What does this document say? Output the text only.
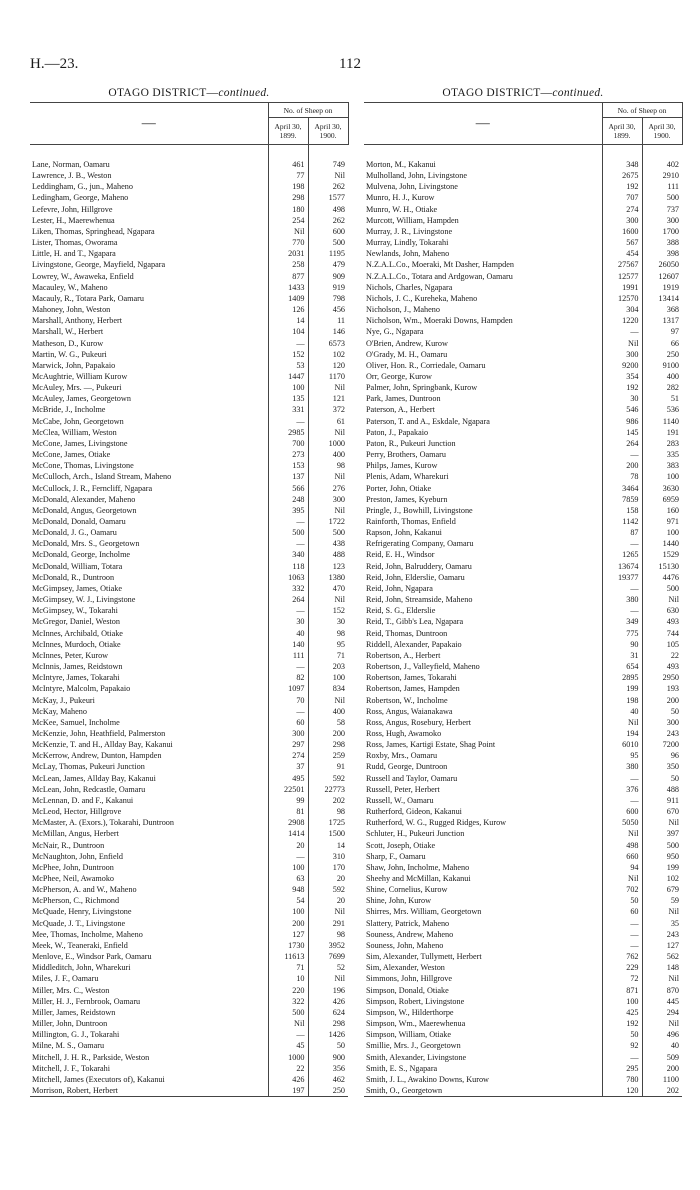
H.—23.	112
OTAGO DISTRICT—continued.
—	No. of Sheep on	
	April 30,
1899.	April 30,
1900.

Lane, Norman, Oamaru	461	749
Lawrence, J. B., Weston	77	Nil
Leddingham, G., jun., Maheno	198	262
Ledingham, George, Maheno	298	1577
Lefevre, John, Hillgrove	180	498
Lester, H., Maerewhenua	254	262
Liken, Thomas, Springhead, Ngapara	Nil	600
Lister, Thomas, Oworama	770	500
Little, H. and T., Ngapara	2031	1195
Livingstone, George, Mayfield, Ngapara	258	479
Lowrey, W., Awaweka, Enfield	877	909
Macauley, W., Maheno	1433	919
Macauly, R., Totara Park, Oamaru	1409	798
Mahoney, John, Weston	126	456
Marshall, Anthony, Herbert	14	11
Marshall, W., Herbert	104	146
Matheson, D., Kurow	—	6573
Martin, W. G., Pukeuri	152	102
Marwick, John, Papakaio	53	120
McAughtrie, William Kurow	1447	1170
McAuley, Mrs. —, Pukeuri	100	Nil
McAuley, James, Georgetown	135	121
McBride, J., Incholme	331	372
McCabe, John, Georgetown	—	61
McClea, William, Weston	2985	Nil
McCone, James, Livingstone	700	1000
McCone, James, Otiake	273	400
McCone, Thomas, Livingstone	153	98
McCulloch, Arch., Island Stream, Maheno	137	Nil
McCullock, J. R., Ferncliff, Ngapara	566	276
McDonald, Alexander, Maheno	248	300
McDonald, Angus, Georgetown	395	Nil
McDonald, Donald, Oamaru	—	1722
McDonald, J. G., Oamaru	500	500
McDonald, Mrs. S., Georgetown	—	438
McDonald, George, Incholme	340	488
McDonald, William, Totara	118	123
McDonald, R., Duntroon	1063	1380
McGimpsey, James, Otiake	332	470
McGimpsey, W. J., Livingstone	264	Nil
McGimpsey, W., Tokarahi	—	152
McGregor, Daniel, Weston	30	30
McInnes, Archibald, Otiake	40	98
McInnes, Murdoch, Otiake	140	95
McInnes, Peter, Kurow	111	71
McInnis, James, Reidstown	—	203
McIntyre, James, Tokarahi	82	100
McIntyre, Malcolm, Papakaio	1097	834
McKay, J., Pukeuri	70	Nil
McKay, Maheno	—	400
McKee, Samuel, Incholme	60	58
McKenzie, John, Heathfield, Palmerston	300	200
McKenzie, T. and H., Allday Bay, Kakanui	297	298
McKerrow, Andrew, Dunton, Hampden	274	259
McLay, Thomas, Pukeuri Junction	37	91
McLean, James, Allday Bay, Kakanui	495	592
McLean, John, Redcastle, Oamaru	22501	22773
McLennan, D. and F., Kakanui	99	202
McLeod, Hector, Hillgrove	81	98
McMaster, A. (Exors.), Tokarahi, Duntroon	2908	1725
McMillan, Angus, Herbert	1414	1500
McNair, R., Duntroon	20	14
McNaughton, John, Enfield	—	310
McPhee, John, Duntroon	100	170
McPhee, Neil, Awamoko	63	20
McPherson, A. and W., Maheno	948	592
McPherson, C., Richmond	54	20
McQuade, Henry, Livingstone	100	Nil
McQuade, J. T., Livingstone	200	291
Mee, Thomas, Incholme, Maheno	127	98
Meek, W., Teaneraki, Enfield	1730	3952
Menlove, E., Windsor Park, Oamaru	11613	7699
Middleditch, John, Wharekuri	71	52
Miles, J. F., Oamaru	10	Nil
Miller, Mrs. C., Weston	220	196
Miller, H. J., Fernbrook, Oamaru	322	426
Miller, James, Reidstown	500	624
Miller, John, Duntroon	Nil	298
Millington, G. J., Tokarahi	—	1426
Milne, M. S., Oamaru	45	50
Mitchell, J. H. R., Parkside, Weston	1000	900
Mitchell, J. F., Tokarahi	22	356
Mitchell, James (Executors of), Kakanui	426	462
Morrison, Robert, Herbert	197	250
OTAGO DISTRICT—continued.
—	No. of Sheep on	
	April 30,
1899.	April 30,
1900.

Morton, M., Kakanui	348	402
Mulholland, John, Livingstone	2675	2910
Mulvena, John, Livingstone	192	111
Munro, H. J., Kurow	707	500
Munro, W. H., Otiake	274	737
Murcott, William, Hampden	300	300
Murray, J. R., Livingstone	1600	1700
Murray, Lindly, Tokarahi	567	388
Newlands, John, Maheno	454	398
N.Z.A.L.Co., Moeraki, Mt Dasher, Hampden	27567	26050
N.Z.A.L.Co., Totara and Ardgowan, Oamaru	12577	12607
Nichols, Charles, Ngapara	1991	1919
Nichols, J. C., Kureheka, Maheno	12570	13414
Nicholson, J., Maheno	304	368
Nicholson, Wm., Moeraki Downs, Hampden	1220	1317
Nye, G., Ngapara	—	97
O'Brien, Andrew, Kurow	Nil	66
O'Grady, M. H., Oamaru	300	250
Oliver, Hon. R., Corriedale, Oamaru	9200	9100
Orr, George, Kurow	354	400
Palmer, John, Springbank, Kurow	192	282
Park, James, Duntroon	30	51
Paterson, A., Herbert	546	536
Paterson, T. and A., Eskdale, Ngapara	986	1140
Paton, J., Papakaio	145	191
Paton, R., Pukeuri Junction	264	283
Perry, Brothers, Oamaru	—	335
Philps, James, Kurow	200	383
Plenis, Adam, Wharekuri	78	100
Porter, John, Otiake	3464	3630
Preston, James, Kyeburn	7859	6959
Pringle, J., Bowhill, Livingstone	158	160
Rainforth, Thomas, Enfield	1142	971
Rapson, John, Kakanui	87	100
Refrigerating Company, Oamaru	—	1440
Reid, E. H., Windsor	1265	1529
Reid, John, Balruddery, Oamaru	13674	15130
Reid, John, Elderslie, Oamaru	19377	4476
Reid, John, Ngapara	—	500
Reid, John, Streamside, Maheno	380	Nil
Reid, S. G., Elderslie	—	630
Reid, T., Gibb's Lea, Ngapara	349	493
Reid, Thomas, Duntroon	775	744
Riddell, Alexander, Papakaio	90	105
Robertson, A., Herbert	31	22
Robertson, J., Valleyfield, Maheno	654	493
Robertson, James, Tokarahi	2895	2950
Robertson, James, Hampden	199	193
Robertson, W., Incholme	198	200
Ross, Angus, Waianakawa	40	50
Ross, Angus, Rosebury, Herbert	Nil	300
Ross, Hugh, Awamoko	194	243
Ross, James, Kartigi Estate, Shag Point	6010	7200
Roxby, Mrs., Oamaru	95	96
Rudd, George, Duntroon	380	350
Russell and Taylor, Oamaru	—	50
Russell, Peter, Herbert	376	488
Russell, W., Oamaru	—	911
Rutherford, Gideon, Kakanui	600	670
Rutherford, W. G., Rugged Ridges, Kurow	5050	Nil
Schluter, H., Pukeuri Junction	Nil	397
Scott, Joseph, Otiake	498	500
Sharp, F., Oamaru	660	950
Shaw, John, Incholme, Maheno	94	199
Sheehy and McMillan, Kakanui	Nil	102
Shine, Cornelius, Kurow	702	679
Shine, John, Kurow	50	59
Shirres, Mrs. William, Georgetown	60	Nil
Slattery, Patrick, Maheno	—	35
Souness, Andrew, Maheno	—	243
Souness, John, Maheno	—	127
Sim, Alexander, Tullymett, Herbert	762	562
Sim, Alexander, Weston	229	148
Simmons, John, Hillgrove	72	Nil
Simpson, Donald, Otiake	871	870
Simpson, Robert, Livingstone	100	445
Simpson, W., Hilderthorpe	425	294
Simpson, Wm., Maerewhenua	192	Nil
Simpson, William, Otiake	50	496
Smillie, Mrs. J., Georgetown	92	40
Smith, Alexander, Livingstone	—	509
Smith, E. S., Ngapara	295	200
Smith, J. L., Awakino Downs, Kurow	780	1100
Smith, O., Georgetown	120	202
